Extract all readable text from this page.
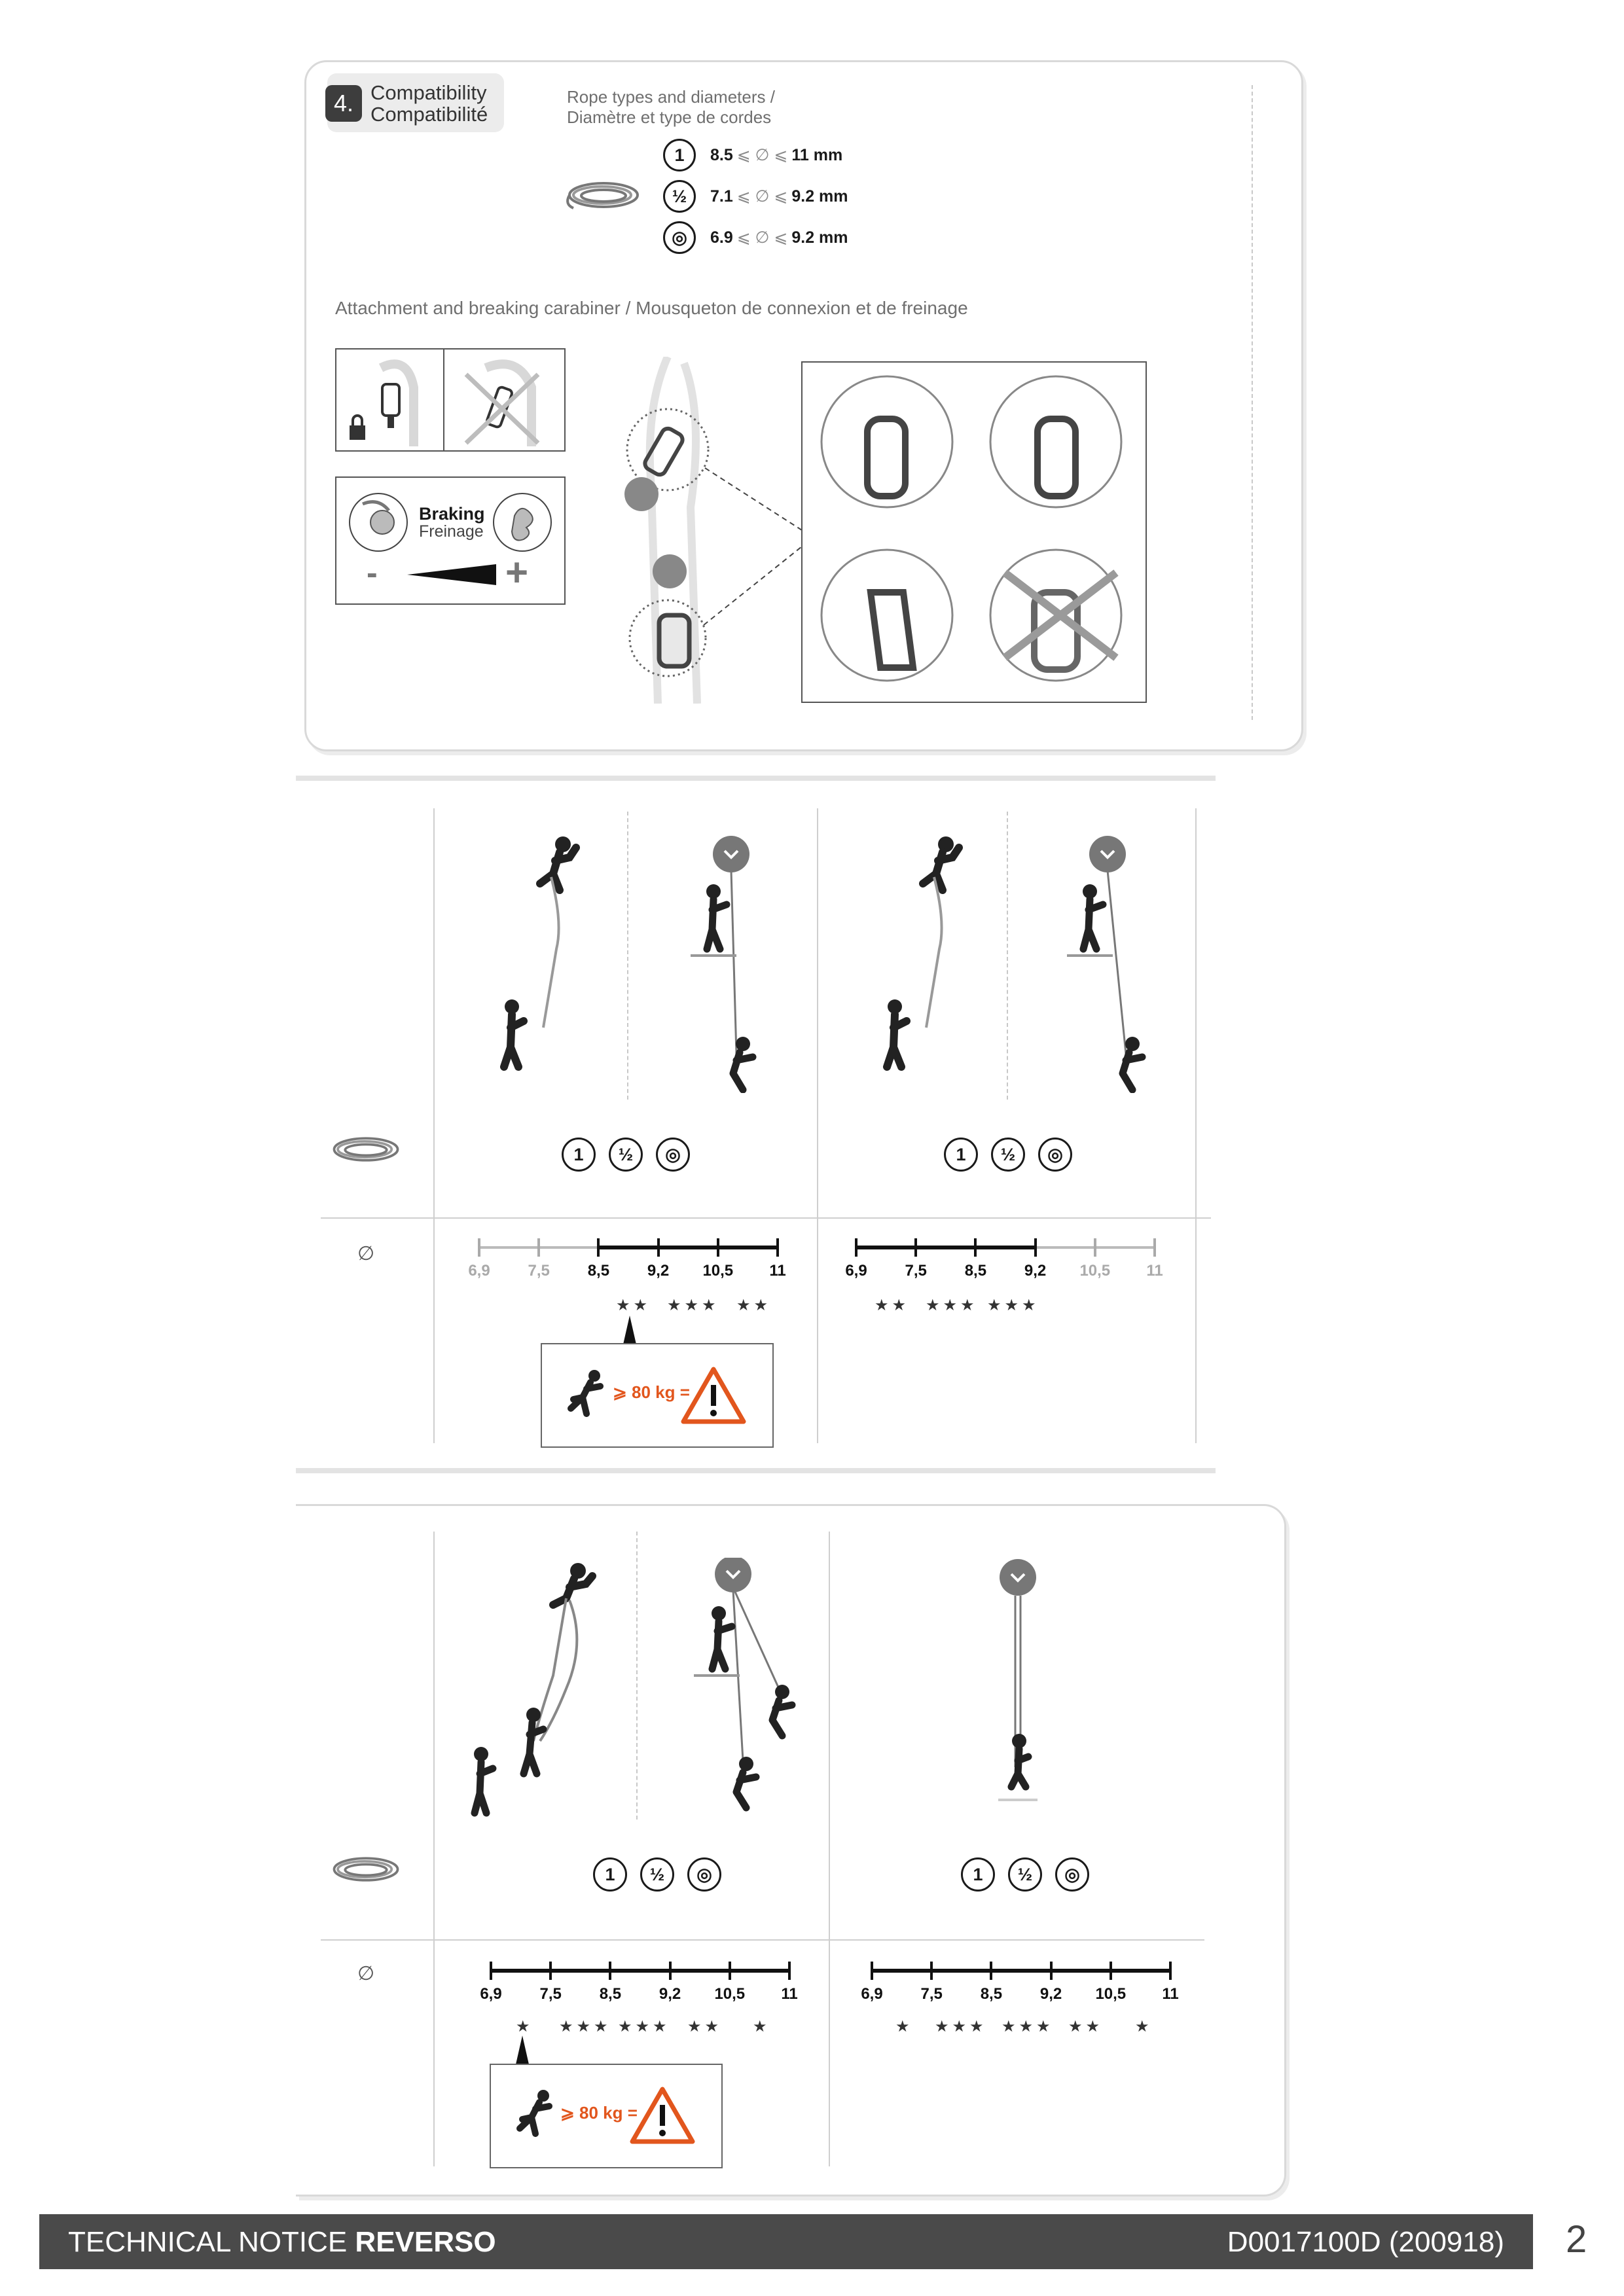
4. Compatibility
Compatibilité
Rope types and diameters /
Diamètre et type de cordes
1	8.5 ⩽ ∅ ⩽ 11 mm
½	7.1 ⩽ ∅ ⩽ 9.2 mm
◎	6.9 ⩽ ∅ ⩽ 9.2 mm
Attachment and breaking carabiner / Mousqueton de connexion et de freinage
Braking
Freinage
-	+
∅
1	½	◎	1	½	◎
6,9 7,5 8,5 9,2 10,5 11	6,9 7,5 8,5 9,2 10,5 11
★★ ★★★ ★★	★★ ★★★ ★★★
⩾ 80 kg =
∅
1	½	◎	1	½	◎
6,9 7,5 8,5 9,2 10,5 11	6,9 7,5 8,5 9,2 10,5 11
★ ★★★ ★★★ ★★ ★	★ ★★★ ★★★ ★★ ★
⩾ 80 kg =
TECHNICAL NOTICE REVERSO	D0017100D (200918) 2
